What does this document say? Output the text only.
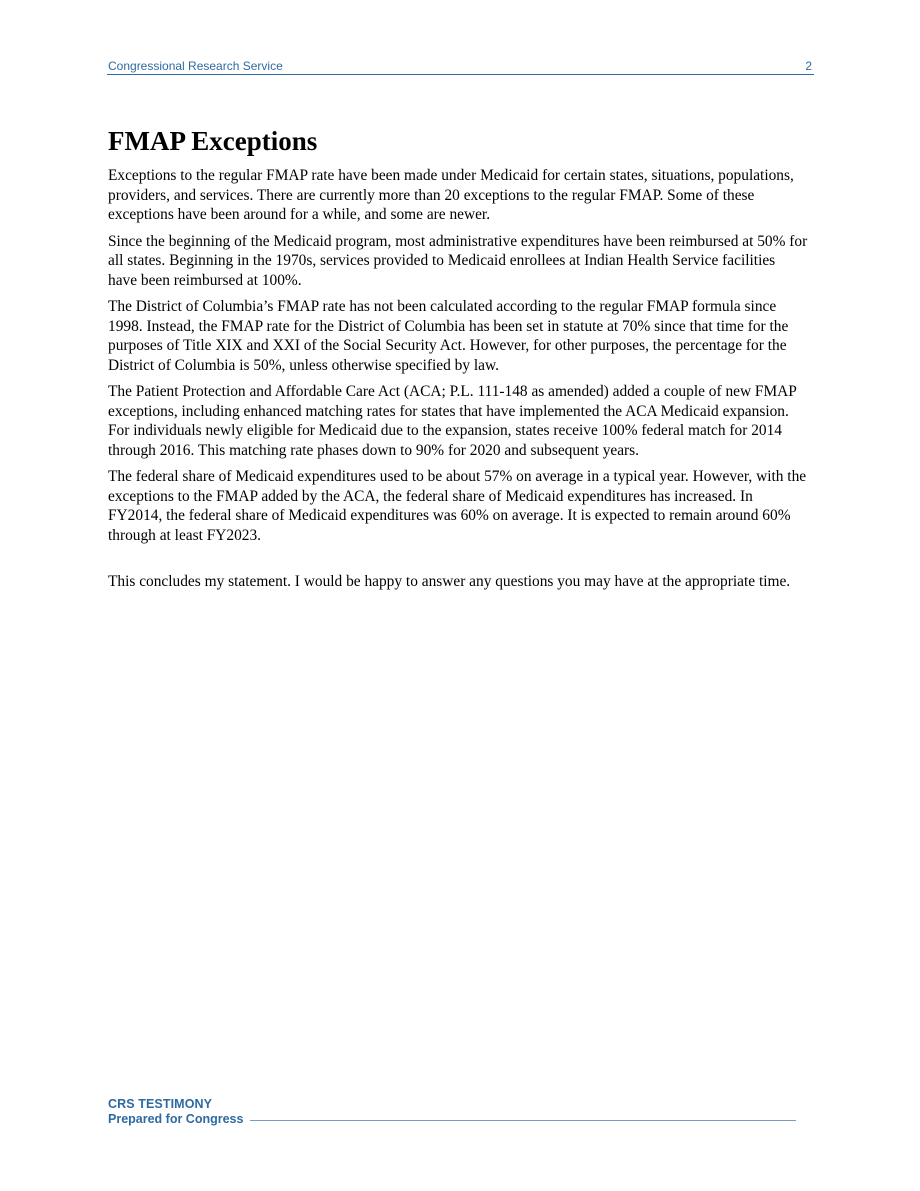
Congressional Research Service	2
FMAP Exceptions

Exceptions to the regular FMAP rate have been made under Medicaid for certain states, situations, populations, providers, and services. There are currently more than 20 exceptions to the regular FMAP. Some of these exceptions have been around for a while, and some are newer.

Since the beginning of the Medicaid program, most administrative expenditures have been reimbursed at 50% for all states. Beginning in the 1970s, services provided to Medicaid enrollees at Indian Health Service facilities have been reimbursed at 100%.

The District of Columbia’s FMAP rate has not been calculated according to the regular FMAP formula since 1998. Instead, the FMAP rate for the District of Columbia has been set in statute at 70% since that time for the purposes of Title XIX and XXI of the Social Security Act. However, for other purposes, the percentage for the District of Columbia is 50%, unless otherwise specified by law.

The Patient Protection and Affordable Care Act (ACA; P.L. 111-148 as amended) added a couple of new FMAP exceptions, including enhanced matching rates for states that have implemented the ACA Medicaid expansion. For individuals newly eligible for Medicaid due to the expansion, states receive 100% federal match for 2014 through 2016. This matching rate phases down to 90% for 2020 and subsequent years.

The federal share of Medicaid expenditures used to be about 57% on average in a typical year. However, with the exceptions to the FMAP added by the ACA, the federal share of Medicaid expenditures has increased. In FY2014, the federal share of Medicaid expenditures was 60% on average. It is expected to remain around 60% through at least FY2023.

This concludes my statement. I would be happy to answer any questions you may have at the appropriate time.

CRS TESTIMONY
Prepared for Congress
